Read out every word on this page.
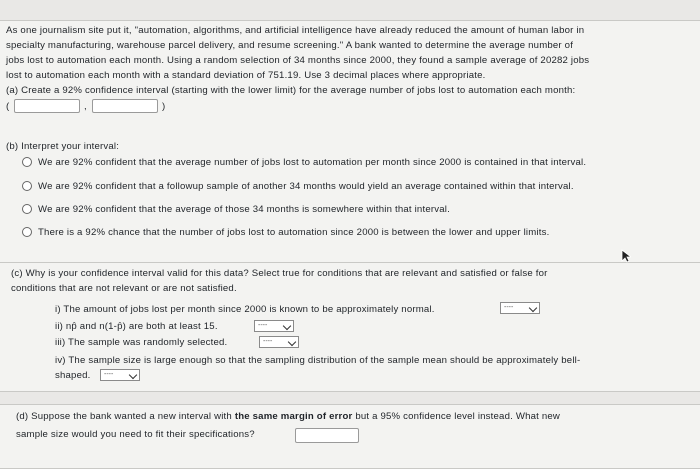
As one journalism site put it, "automation, algorithms, and artificial intelligence have already reduced the amount of human labor in
specialty manufacturing, warehouse parcel delivery, and resume screening." A bank wanted to determine the average number of
jobs lost to automation each month. Using a random selection of 34 months since 2000, they found a sample average of 20282 jobs
lost to automation each month with a standard deviation of 751.19. Use 3 decimal places where appropriate.
(a) Create a 92% confidence interval (starting with the lower limit) for the average number of jobs lost to automation each month:
(	,	)
(b) Interpret your interval:
We are 92% confident that the average number of jobs lost to automation per month since 2000 is contained in that interval.
We are 92% confident that a followup sample of another 34 months would yield an average contained within that interval.
We are 92% confident that the average of those 34 months is somewhere within that interval.
There is a 92% chance that the number of jobs lost to automation since 2000 is between the lower and upper limits.
(c) Why is your confidence interval valid for this data? Select true for conditions that are relevant and satisfied or false for
conditions that are not relevant or are not satisfied.
i) The amount of jobs lost per month since 2000 is known to be approximately normal.	----
ii) np̂ and n(1-p̂) are both at least 15.	----
iii) The sample was randomly selected.	----
iv) The sample size is large enough so that the sampling distribution of the sample mean should be approximately bell-
shaped.	----
(d) Suppose the bank wanted a new interval with the same margin of error but a 95% confidence level instead. What new
sample size would you need to fit their specifications?
